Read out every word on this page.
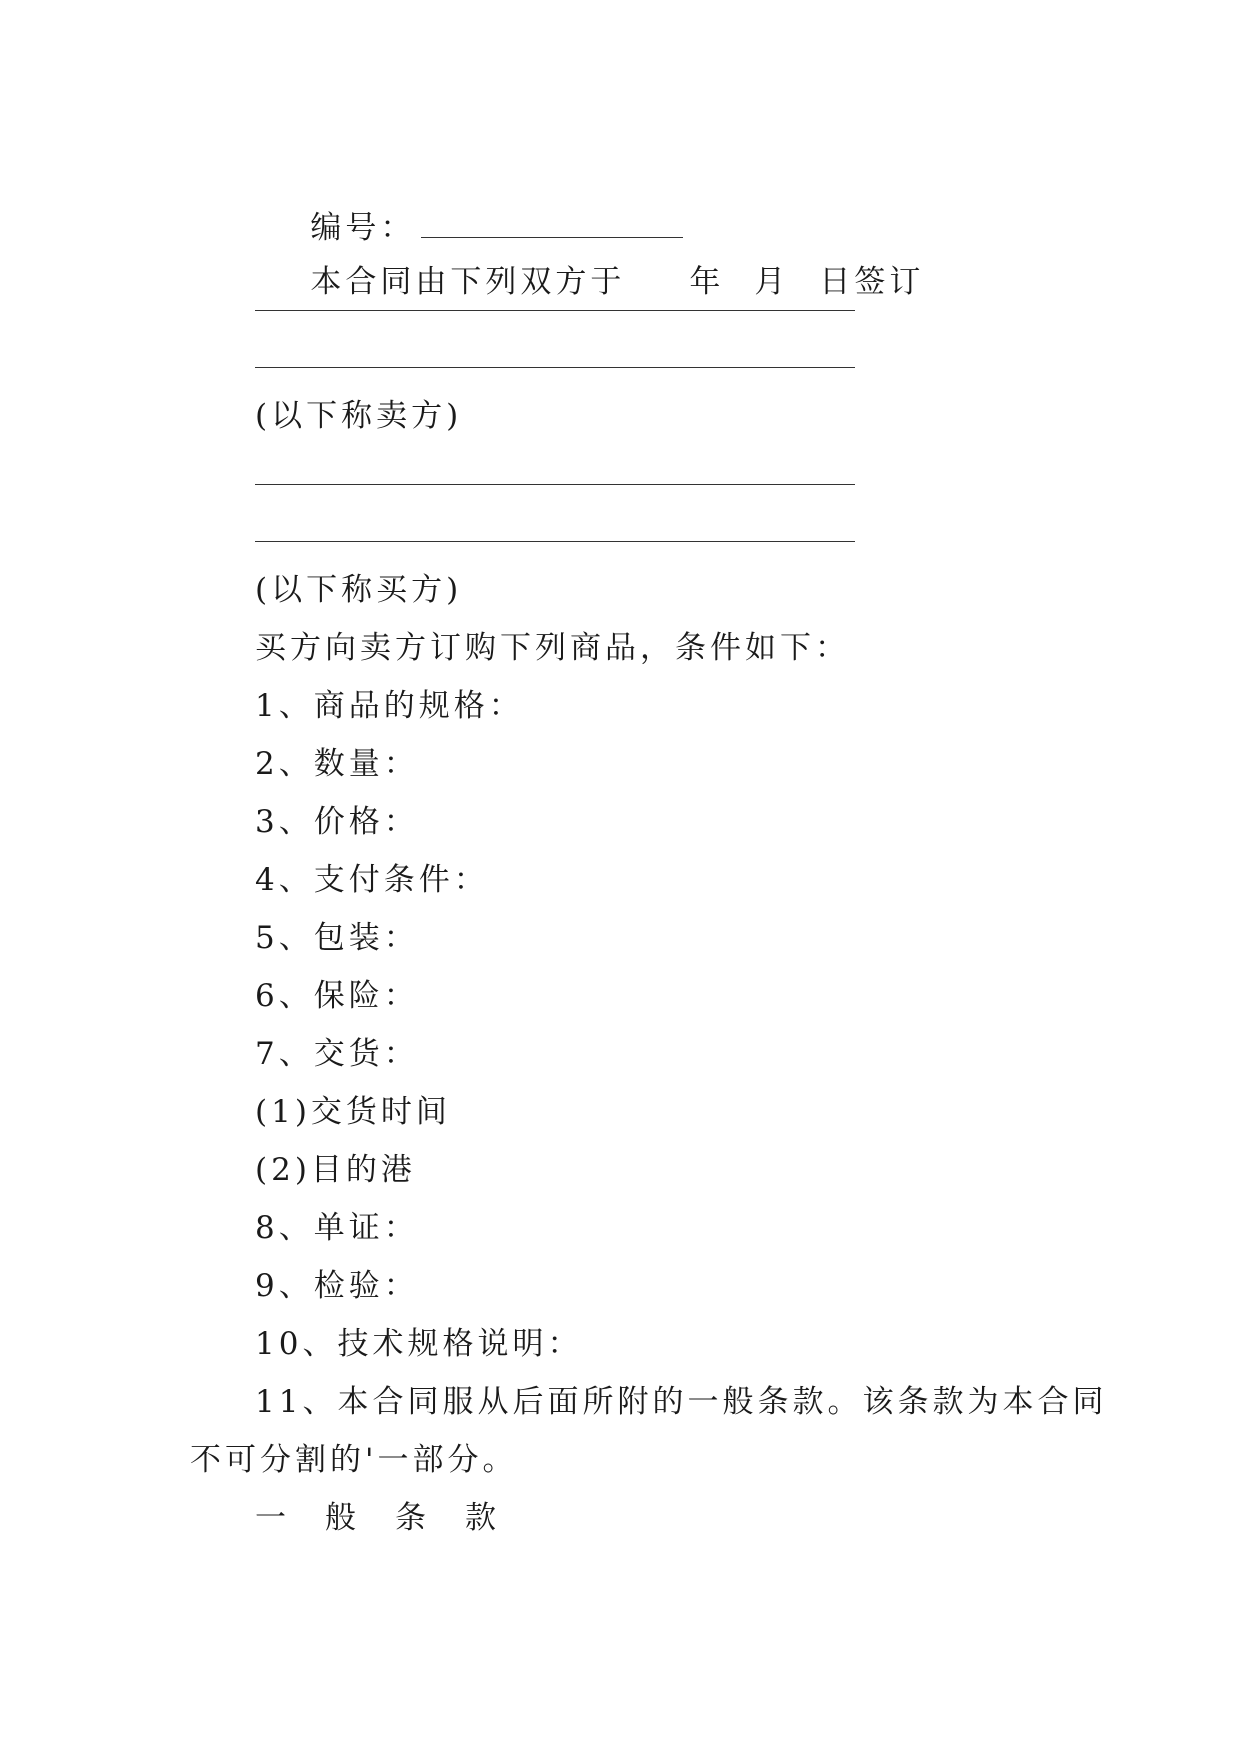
编号：

本合同由下列双方于 年 月 日签订

(以下称卖方)
(以下称买方)
买方向卖方订购下列商品，条件如下：
1、商品的规格：
2、数量：
3、价格：
4、支付条件：
5、包装：
6、保险：
7、交货：
(1)交货时间
(2)目的港
8、单证：
9、检验：
10、技术规格说明：
11、本合同服从后面所附的一般条款。该条款为本合同
不可分割的'一部分。
一　般　条　款
